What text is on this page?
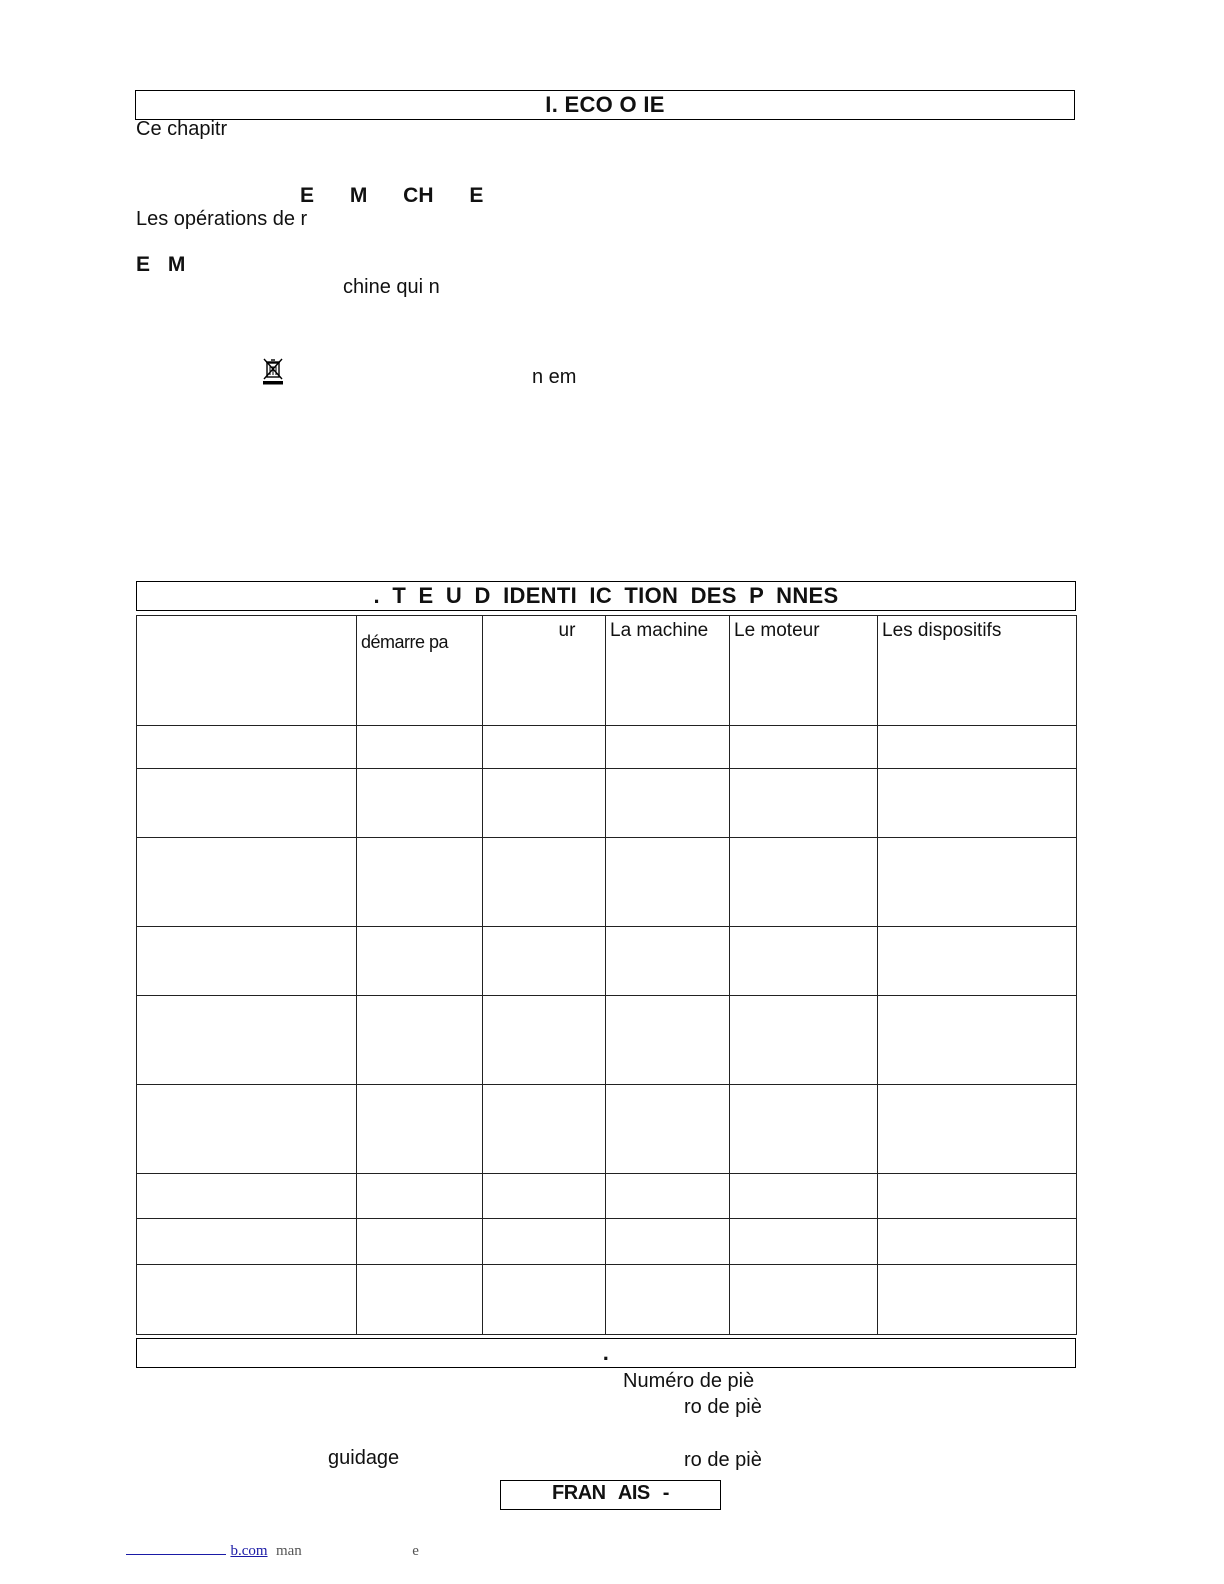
I. ECO O IE
Ce chapitr
E M CH E
Les opérations de r
E M
chine qui n
n em
. T E U D IDENTI IC TION DES P NNES
	démarre pa	ur	La machine	Le moteur	Les dispositifs

.
Numéro de piè
ro de piè
guidage	ro de piè
FRAN AIS -
b.com man	e
